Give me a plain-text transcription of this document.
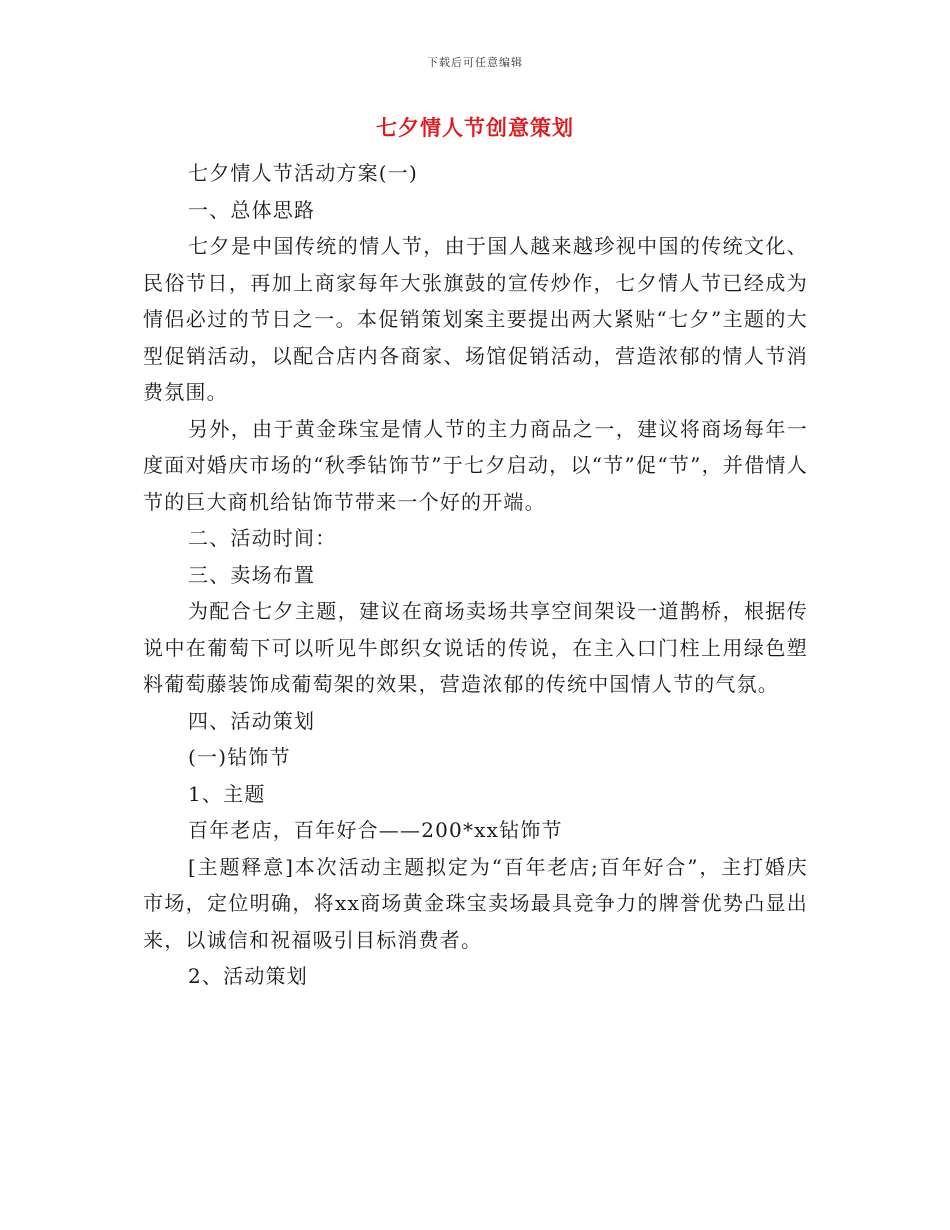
下载后可任意编辑
七夕情人节创意策划

七夕情人节活动方案(一)

一、总体思路

七夕是中国传统的情人节，由于国人越来越珍视中国的传统文化、民俗节日，再加上商家每年大张旗鼓的宣传炒作，七夕情人节已经成为情侣必过的节日之一。本促销策划案主要提出两大紧贴“七夕”主题的大型促销活动，以配合店内各商家、场馆促销活动，营造浓郁的情人节消费氛围。

另外，由于黄金珠宝是情人节的主力商品之一，建议将商场每年一度面对婚庆市场的“秋季钻饰节”于七夕启动，以“节”促“节”，并借情人节的巨大商机给钻饰节带来一个好的开端。

二、活动时间：

三、卖场布置

为配合七夕主题，建议在商场卖场共享空间架设一道鹊桥，根据传说中在葡萄下可以听见牛郎织女说话的传说，在主入口门柱上用绿色塑料葡萄藤装饰成葡萄架的效果，营造浓郁的传统中国情人节的气氛。

四、活动策划

(一)钻饰节

1、主题

百年老店，百年好合——200*xx钻饰节

[主题释意]本次活动主题拟定为“百年老店;百年好合”，主打婚庆市场，定位明确，将xx商场黄金珠宝卖场最具竞争力的牌誉优势凸显出来，以诚信和祝福吸引目标消费者。

2、活动策划
